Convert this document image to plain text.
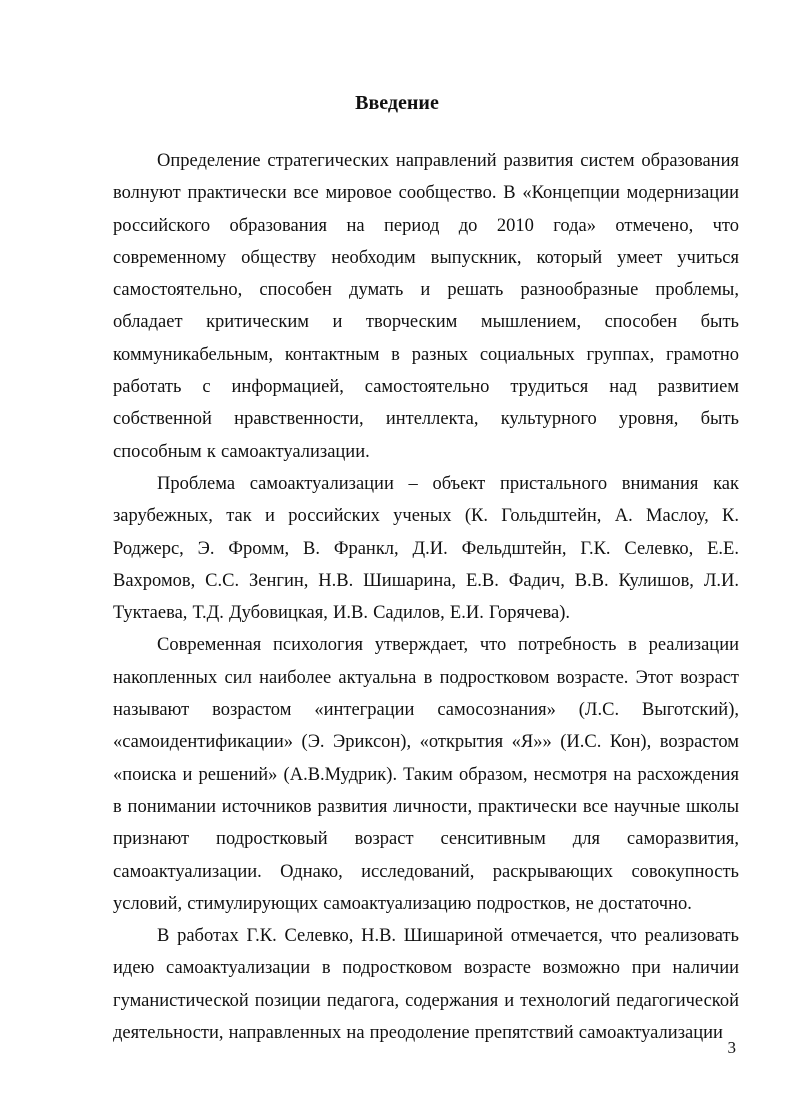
Введение

Определение стратегических направлений развития систем образования волнуют практически все мировое сообщество. В «Концепции модернизации российского образования на период до 2010 года» отмечено, что современному обществу необходим выпускник, который умеет учиться самостоятельно, способен думать и решать разнообразные проблемы, обладает критическим и творческим мышлением, способен быть коммуникабельным, контактным в разных социальных группах, грамотно работать с информацией, самостоятельно трудиться над развитием собственной нравственности, интеллекта, культурного уровня, быть способным к самоактуализации.

Проблема самоактуализации – объект пристального внимания как зарубежных, так и российских ученых (К. Гольдштейн, А. Маслоу, К. Роджерс, Э. Фромм, В. Франкл, Д.И. Фельдштейн, Г.К. Селевко, Е.Е. Вахромов, С.С. Зенгин, Н.В. Шишарина, Е.В. Фадич, В.В. Кулишов, Л.И. Туктаева, Т.Д. Дубовицкая, И.В. Садилов, Е.И. Горячева).

Современная психология утверждает, что потребность в реализации накопленных сил наиболее актуальна в подростковом возрасте. Этот возраст называют возрастом «интеграции самосознания» (Л.С. Выготский), «самоидентификации» (Э. Эриксон), «открытия «Я»» (И.С. Кон), возрастом «поиска и решений» (А.В.Мудрик). Таким образом, несмотря на расхождения в понимании источников развития личности, практически все научные школы признают подростковый возраст сенситивным для саморазвития, самоактуализации. Однако, исследований, раскрывающих совокупность условий, стимулирующих самоактуализацию подростков, не достаточно.

В работах Г.К. Селевко, Н.В. Шишариной отмечается, что реализовать идею самоактуализации в подростковом возрасте возможно при наличии гуманистической позиции педагога, содержания и технологий педагогической деятельности, направленных на преодоление препятствий самоактуализации

3
